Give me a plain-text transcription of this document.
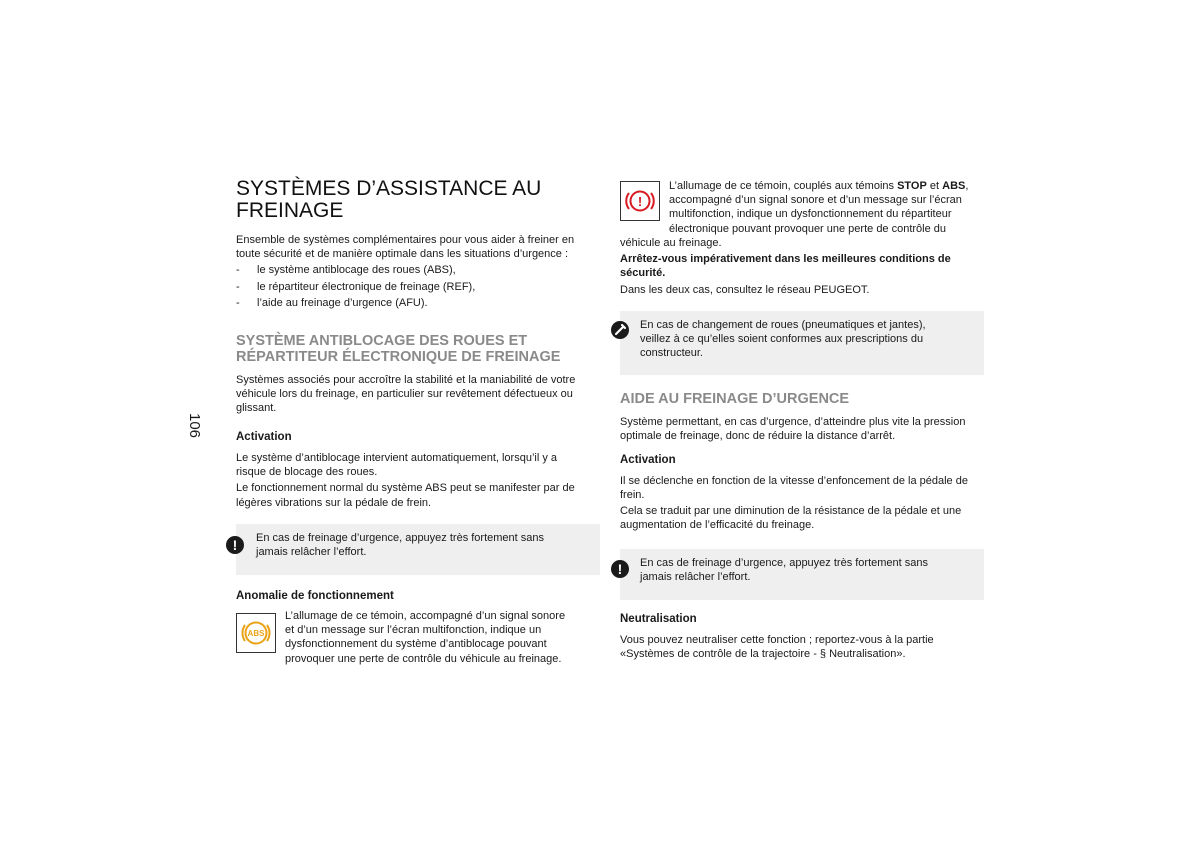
106
SYSTÈMES D’ASSISTANCE AU
FREINAGE

Ensemble de systèmes complémentaires pour vous aider à freiner en

toute sécurité et de manière optimale dans les situations d’urgence :

- le système antiblocage des roues (ABS),
- le répartiteur électronique de freinage (REF),
- l’aide au freinage d’urgence (AFU).
SYSTÈME ANTIBLOCAGE DES ROUES ET
RÉPARTITEUR ÉLECTRONIQUE DE FREINAGE

Systèmes associés pour accroître la stabilité et la maniabilité de votre

véhicule lors du freinage, en particulier sur revêtement défectueux ou

glissant.

Activation

Le système d’antiblocage intervient automatiquement, lorsqu’il y a

risque de blocage des roues.

Le fonctionnement normal du système ABS peut se manifester par de

légères vibrations sur la pédale de frein.

!	En cas de freinage d’urgence, appuyez très fortement sans

jamais relâcher l’effort.

Anomalie de fonctionnement
ABS

L’allumage de ce témoin, accompagné d’un signal sonore

et d’un message sur l’écran multifonction, indique un

dysfonctionnement du système d’antiblocage pouvant

provoquer une perte de contrôle du véhicule au freinage.

!

L’allumage de ce témoin, couplés aux témoins STOP et ABS,

accompagné d’un signal sonore et d’un message sur l’écran

multifonction, indique un dysfonctionnement du répartiteur

électronique pouvant provoquer une perte de contrôle du

véhicule au freinage.

Arrêtez-vous impérativement dans les meilleures conditions de

sécurité.

Dans les deux cas, consultez le réseau PEUGEOT.

En cas de changement de roues (pneumatiques et jantes),

veillez à ce qu’elles soient conformes aux prescriptions du

constructeur.

AIDE AU FREINAGE D’URGENCE

Système permettant, en cas d’urgence, d’atteindre plus vite la pression

optimale de freinage, donc de réduire la distance d’arrêt.

Activation

Il se déclenche en fonction de la vitesse d’enfoncement de la pédale de

frein.

Cela se traduit par une diminution de la résistance de la pédale et une

augmentation de l’efficacité du freinage.

!	En cas de freinage d’urgence, appuyez très fortement sans

jamais relâcher l’effort.

Neutralisation

Vous pouvez neutraliser cette fonction ; reportez-vous à la partie

«Systèmes de contrôle de la trajectoire - § Neutralisation».
